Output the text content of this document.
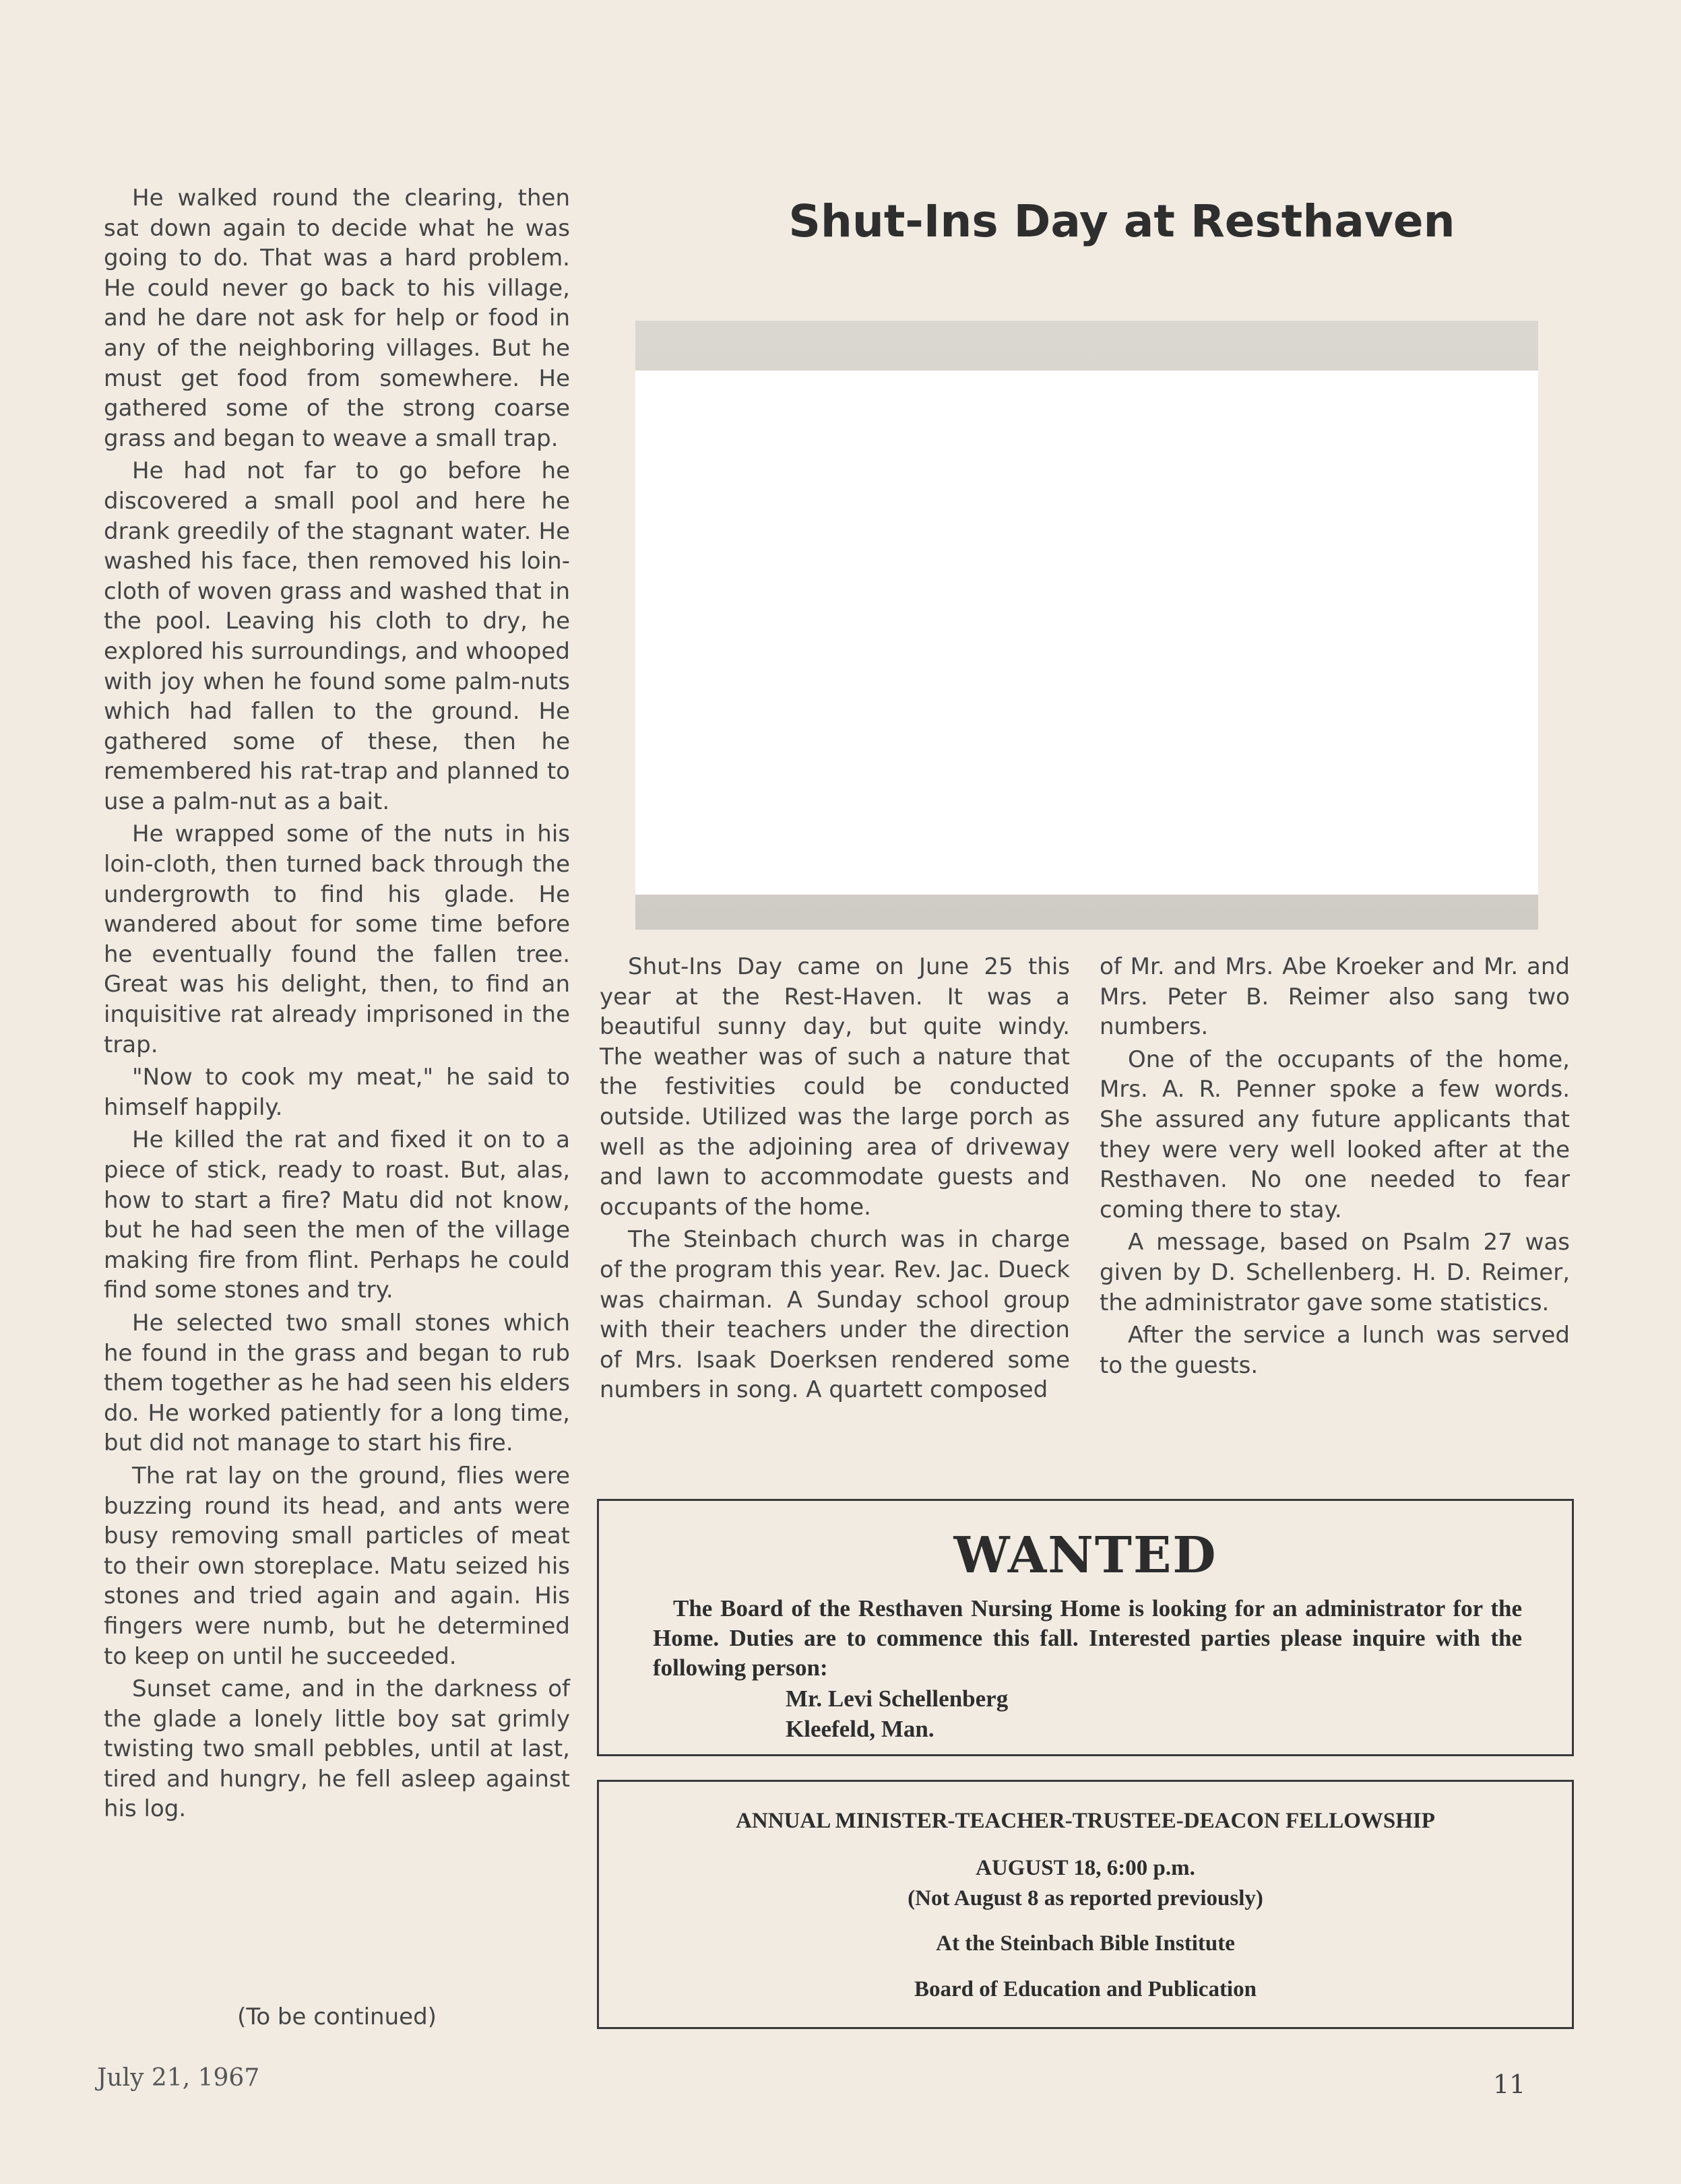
He walked round the clearing, then sat down again to decide what he was going to do. That was a hard problem. He could never go back to his village, and he dare not ask for help or food in any of the neighboring villages. But he must get food from somewhere. He gathered some of the strong coarse grass and began to weave a small trap.

He had not far to go before he discovered a small pool and here he drank greedily of the stagnant water. He washed his face, then removed his loin-cloth of woven grass and washed that in the pool. Leaving his cloth to dry, he explored his surroundings, and whooped with joy when he found some palm-nuts which had fallen to the ground. He gathered some of these, then he remembered his rat-trap and planned to use a palm-nut as a bait.

He wrapped some of the nuts in his loin-cloth, then turned back through the undergrowth to find his glade. He wandered about for some time before he eventually found the fallen tree. Great was his delight, then, to find an inquisitive rat already imprisoned in the trap.

"Now to cook my meat," he said to himself happily.

He killed the rat and fixed it on to a piece of stick, ready to roast. But, alas, how to start a fire? Matu did not know, but he had seen the men of the village making fire from flint. Perhaps he could find some stones and try.

He selected two small stones which he found in the grass and began to rub them together as he had seen his elders do. He worked patiently for a long time, but did not manage to start his fire.

The rat lay on the ground, flies were buzzing round its head, and ants were busy removing small particles of meat to their own storeplace. Matu seized his stones and tried again and again. His fingers were numb, but he determined to keep on until he succeeded.

Sunset came, and in the darkness of the glade a lonely little boy sat grimly twisting two small pebbles, until at last, tired and hungry, he fell asleep against his log.

(To be continued)
Shut-Ins Day at Resthaven

Shut-Ins Day came on June 25 this year at the Rest-Haven. It was a beautiful sunny day, but quite windy. The weather was of such a nature that the festivities could be conducted outside. Utilized was the large porch as well as the adjoining area of driveway and lawn to accommodate guests and occupants of the home.

The Steinbach church was in charge of the program this year. Rev. Jac. Dueck was chairman. A Sunday school group with their teachers under the direction of Mrs. Isaak Doerksen rendered some numbers in song. A quartett composed

of Mr. and Mrs. Abe Kroeker and Mr. and Mrs. Peter B. Reimer also sang two numbers.

One of the occupants of the home, Mrs. A. R. Penner spoke a few words. She assured any future applicants that they were very well looked after at the Resthaven. No one needed to fear coming there to stay.

A message, based on Psalm 27 was given by D. Schellenberg. H. D. Reimer, the administrator gave some statistics.

After the service a lunch was served to the guests.

WANTED
The Board of the Resthaven Nursing Home is looking for an administrator for the Home. Duties are to commence this fall. Interested parties please inquire with the following person:
Mr. Levi Schellenberg
Kleefeld, Man.
ANNUAL MINISTER-TEACHER-TRUSTEE-DEACON FELLOWSHIP
AUGUST 18, 6:00 p.m.
(Not August 8 as reported previously)
At the Steinbach Bible Institute
Board of Education and Publication
July 21, 1967	11
